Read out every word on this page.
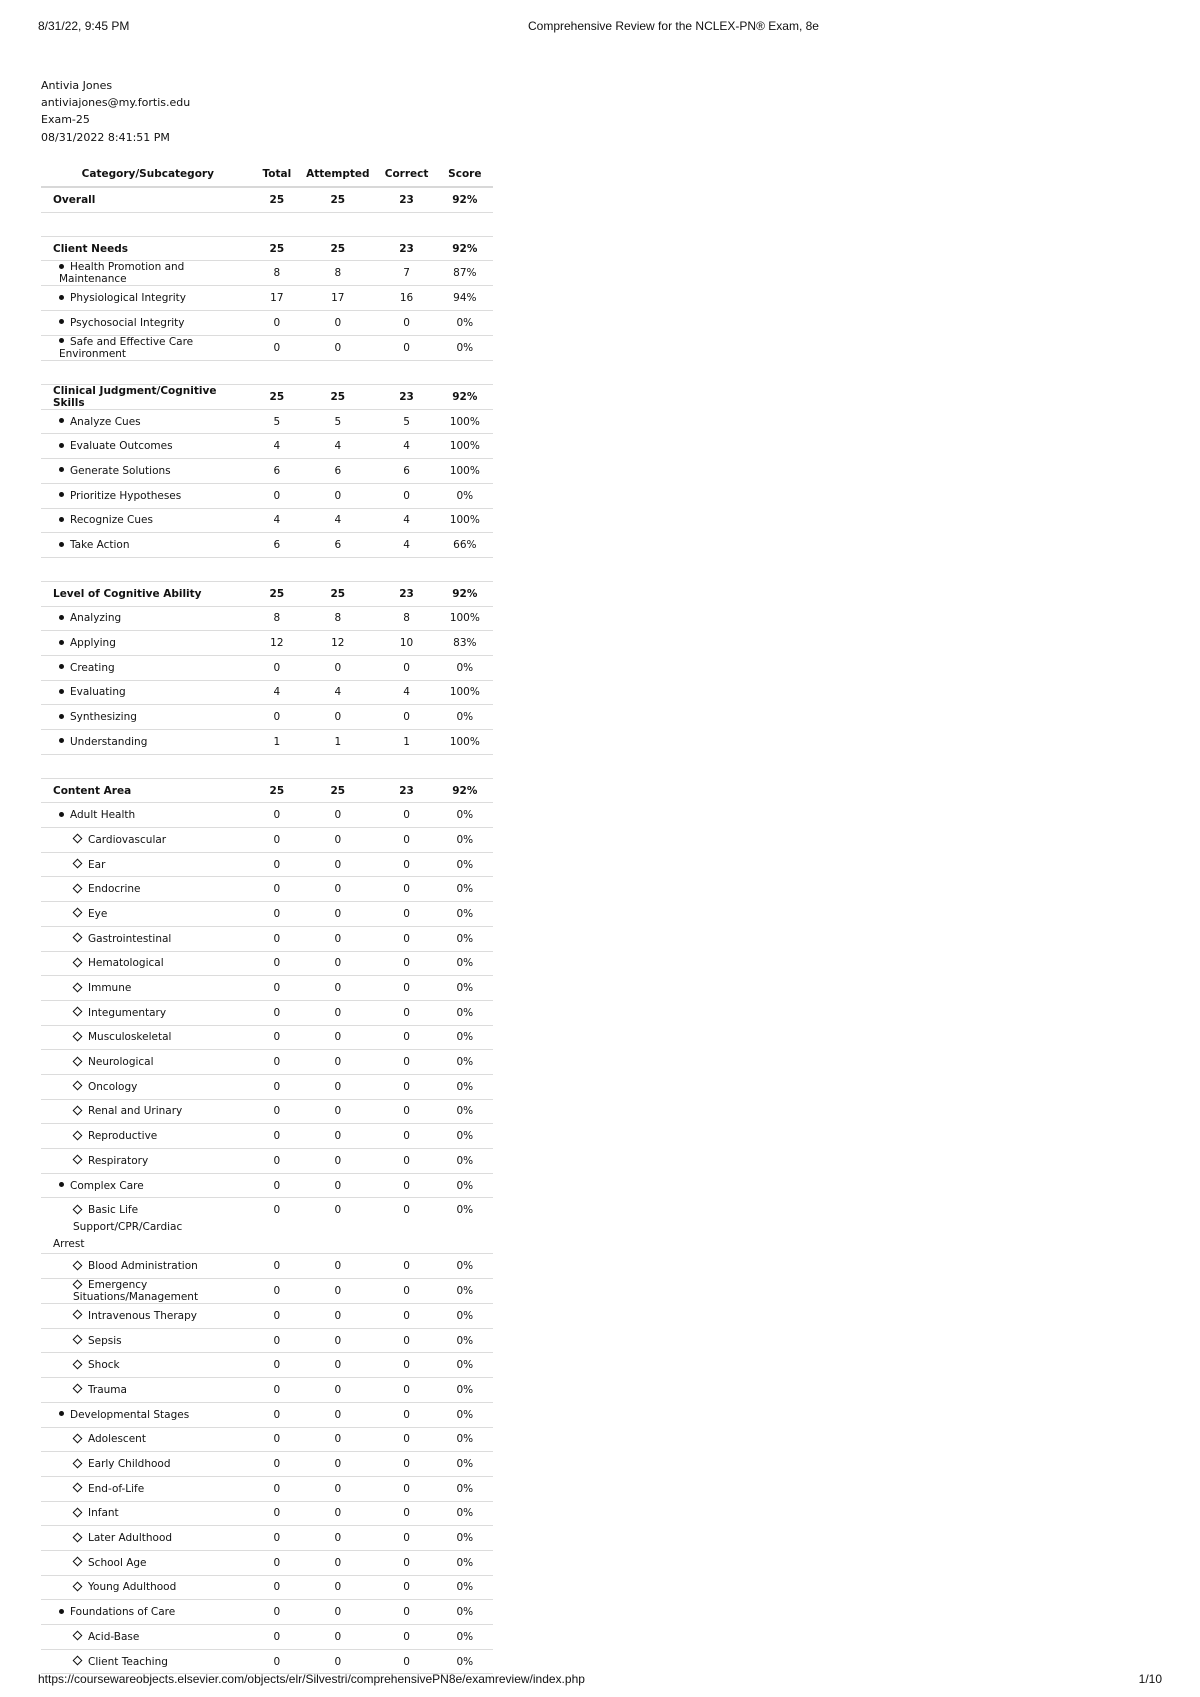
8/31/22, 9:45 PM	Comprehensive Review for the NCLEX-PN® Exam, 8e
Antivia Jones
antiviajones@my.fortis.edu
Exam-25
08/31/2022 8:41:51 PM
Category/Subcategory	Total	Attempted	Correct	Score
Overall	25	25	23	92%

Client Needs	25	25	23	92%
Health Promotion and Maintenance	8	8	7	87%
Physiological Integrity	17	17	16	94%
Psychosocial Integrity	0	0	0	0%
Safe and Effective Care Environment	0	0	0	0%

Clinical Judgment/Cognitive Skills	25	25	23	92%
Analyze Cues	5	5	5	100%
Evaluate Outcomes	4	4	4	100%
Generate Solutions	6	6	6	100%
Prioritize Hypotheses	0	0	0	0%
Recognize Cues	4	4	4	100%
Take Action	6	6	4	66%

Level of Cognitive Ability	25	25	23	92%
Analyzing	8	8	8	100%
Applying	12	12	10	83%
Creating	0	0	0	0%
Evaluating	4	4	4	100%
Synthesizing	0	0	0	0%
Understanding	1	1	1	100%

Content Area	25	25	23	92%
Adult Health	0	0	0	0%
Cardiovascular	0	0	0	0%
Ear	0	0	0	0%
Endocrine	0	0	0	0%
Eye	0	0	0	0%
Gastrointestinal	0	0	0	0%
Hematological	0	0	0	0%
Immune	0	0	0	0%
Integumentary	0	0	0	0%
Musculoskeletal	0	0	0	0%
Neurological	0	0	0	0%
Oncology	0	0	0	0%
Renal and Urinary	0	0	0	0%
Reproductive	0	0	0	0%
Respiratory	0	0	0	0%
Complex Care	0	0	0	0%
Basic Life Support/CPR/Cardiac
Arrest	0	0	0	0%
Blood Administration	0	0	0	0%
Emergency Situations/Management	0	0	0	0%
Intravenous Therapy	0	0	0	0%
Sepsis	0	0	0	0%
Shock	0	0	0	0%
Trauma	0	0	0	0%
Developmental Stages	0	0	0	0%
Adolescent	0	0	0	0%
Early Childhood	0	0	0	0%
End-of-Life	0	0	0	0%
Infant	0	0	0	0%
Later Adulthood	0	0	0	0%
School Age	0	0	0	0%
Young Adulthood	0	0	0	0%
Foundations of Care	0	0	0	0%
Acid-Base	0	0	0	0%
Client Teaching	0	0	0	0%
https://coursewareobjects.elsevier.com/objects/elr/Silvestri/comprehensivePN8e/examreview/index.php	1/10
